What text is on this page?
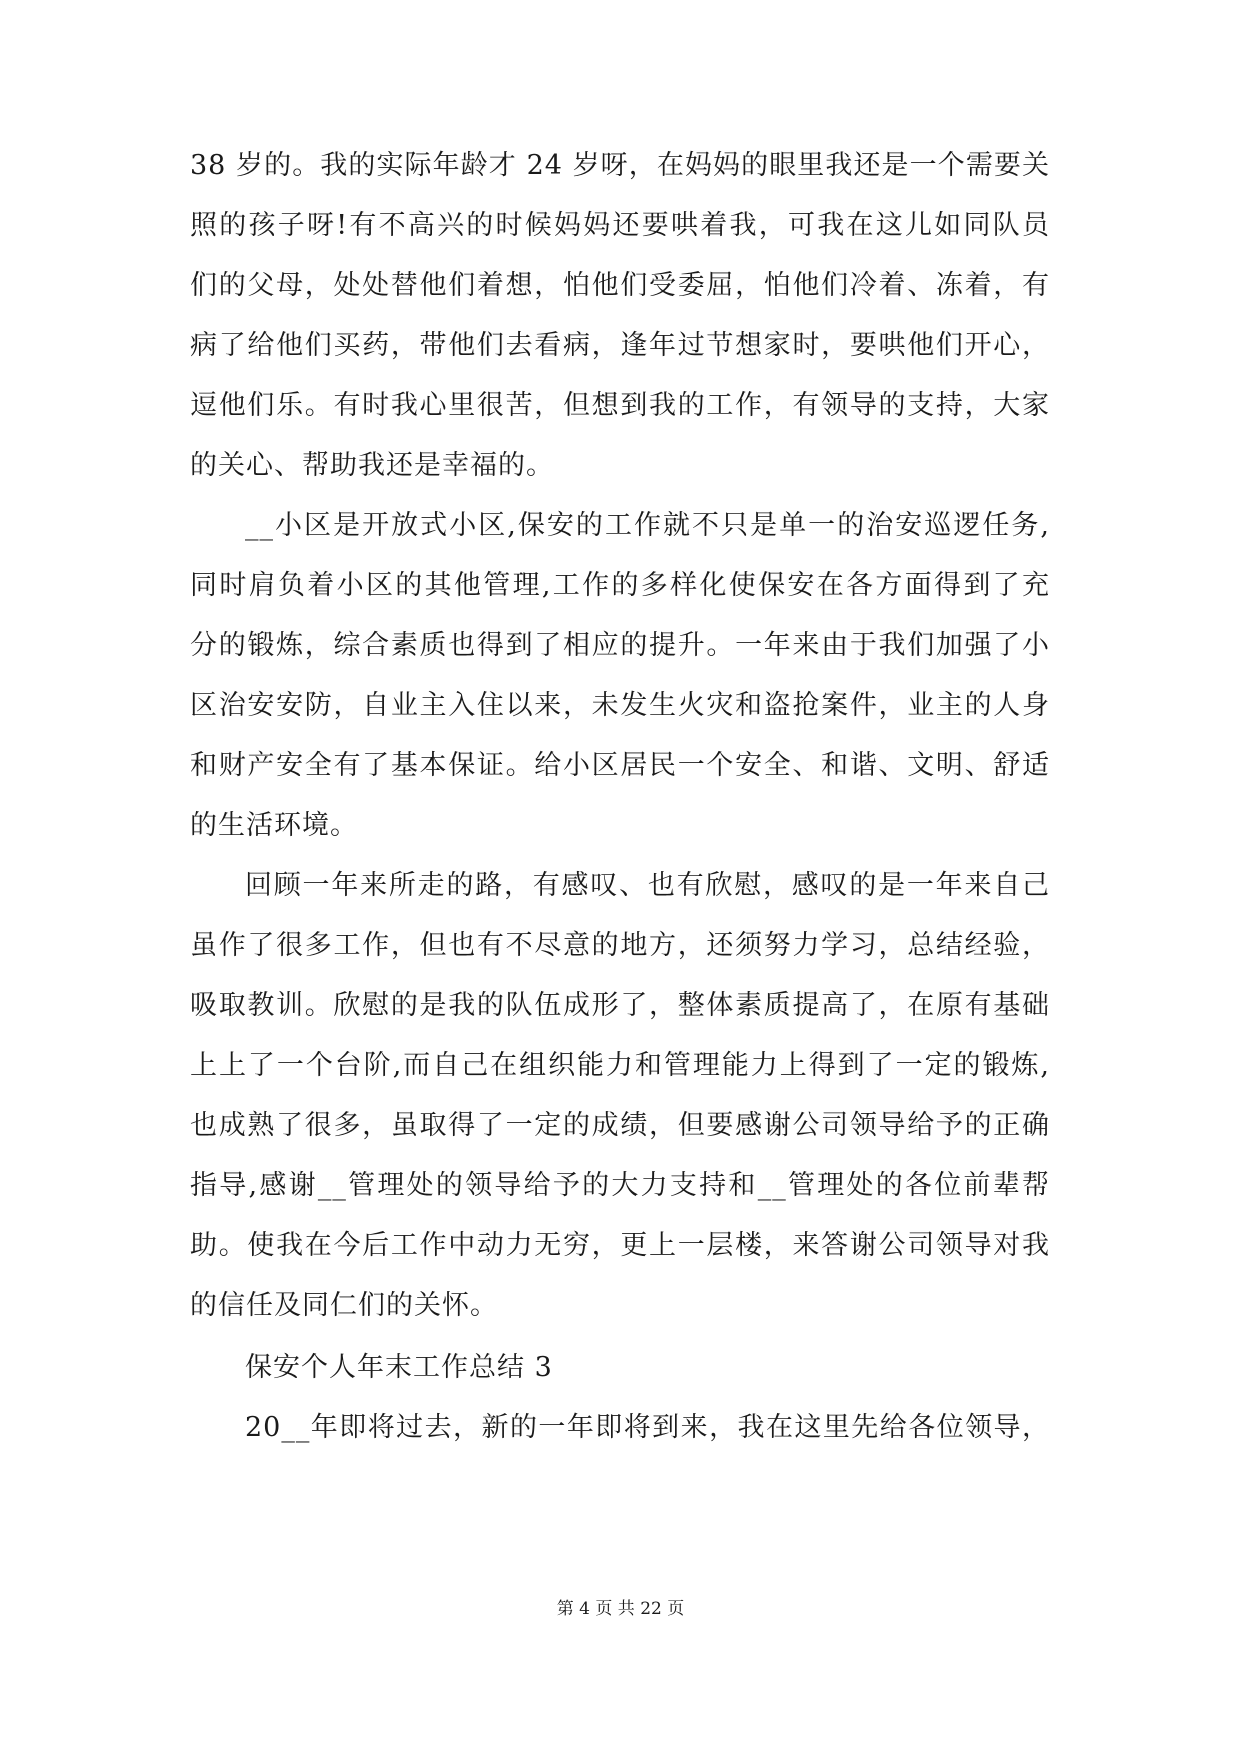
38 岁的。我的实际年龄才 24 岁呀，在妈妈的眼里我还是一个需要关
照的孩子呀!有不高兴的时候妈妈还要哄着我，可我在这儿如同队员
们的父母，处处替他们着想，怕他们受委屈，怕他们冷着、冻着，有
病了给他们买药，带他们去看病，逢年过节想家时，要哄他们开心，
逗他们乐。有时我心里很苦，但想到我的工作，有领导的支持，大家
的关心、帮助我还是幸福的。
__小区是开放式小区,保安的工作就不只是单一的治安巡逻任务,
同时肩负着小区的其他管理,工作的多样化使保安在各方面得到了充
分的锻炼，综合素质也得到了相应的提升。一年来由于我们加强了小
区治安安防，自业主入住以来，未发生火灾和盗抢案件，业主的人身
和财产安全有了基本保证。给小区居民一个安全、和谐、文明、舒适
的生活环境。
回顾一年来所走的路，有感叹、也有欣慰，感叹的是一年来自己
虽作了很多工作，但也有不尽意的地方，还须努力学习，总结经验，
吸取教训。欣慰的是我的队伍成形了，整体素质提高了，在原有基础
上上了一个台阶,而自己在组织能力和管理能力上得到了一定的锻炼,
也成熟了很多，虽取得了一定的成绩，但要感谢公司领导给予的正确
指导,感谢__管理处的领导给予的大力支持和__管理处的各位前辈帮
助。使我在今后工作中动力无穷，更上一层楼，来答谢公司领导对我
的信任及同仁们的关怀。
保安个人年末工作总结 3
20__年即将过去，新的一年即将到来，我在这里先给各位领导，
第 4 页 共 22 页
